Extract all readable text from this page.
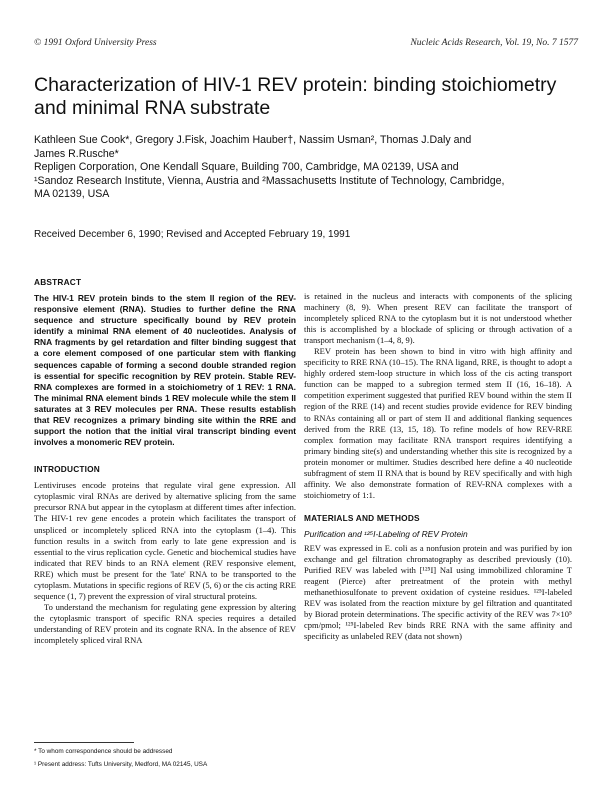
© 1991 Oxford University Press	Nucleic Acids Research, Vol. 19, No. 7 1577
Characterization of HIV-1 REV protein: binding stoichiometry and minimal RNA substrate
Kathleen Sue Cook*, Gregory J.Fisk, Joachim Hauber†, Nassim Usman², Thomas J.Daly and
James R.Rusche*
Repligen Corporation, One Kendall Square, Building 700, Cambridge, MA 02139, USA and
¹Sandoz Research Institute, Vienna, Austria and ²Massachusetts Institute of Technology, Cambridge,
MA 02139, USA
Received December 6, 1990; Revised and Accepted February 19, 1991
ABSTRACT

The HIV-1 REV protein binds to the stem II region of the REV-responsive element (RNA). Studies to further define the RNA sequence and structure specifically bound by REV protein identify a minimal RNA element of 40 nucleotides. Analysis of RNA fragments by gel retardation and filter binding suggest that a core element composed of one particular stem with flanking sequences capable of forming a second double stranded region is essential for specific recognition by REV protein. Stable REV-RNA complexes are formed in a stoichiometry of 1 REV: 1 RNA. The minimal RNA element binds 1 REV molecule while the stem II saturates at 3 REV molecules per RNA. These results establish that REV recognizes a primary binding site within the RRE and support the notion that the initial viral transcript binding event involves a monomeric REV protein.

INTRODUCTION

Lentiviruses encode proteins that regulate viral gene expression. All cytoplasmic viral RNAs are derived by alternative splicing from the same precursor RNA but appear in the cytoplasm at different times after infection. The HIV-1 rev gene encodes a protein which facilitates the transport of unspliced or incompletely spliced RNA into the cytoplasm (1–4). This function results in a switch from early to late gene expression and is essential to the virus replication cycle. Genetic and biochemical studies have indicated that REV binds to an RNA element (REV responsive element, RRE) which must be present for the 'late' RNA to be transported to the cytoplasm. Mutations in specific regions of REV (5, 6) or the cis acting RRE sequence (1, 7) prevent the expression of viral structural proteins.

To understand the mechanism for regulating gene expression by altering the cytoplasmic transport of specific RNA species requires a detailed understanding of REV protein and its cognate RNA. In the absence of REV incompletely spliced viral RNA

is retained in the nucleus and interacts with components of the splicing machinery (8, 9). When present REV can facilitate the transport of incompletely spliced RNA to the cytoplasm but it is not understood whether this is accomplished by a blockade of splicing or through activation of a transport mechanism (1–4, 8, 9).

REV protein has been shown to bind in vitro with high affinity and specificity to RRE RNA (10–15). The RNA ligand, RRE, is thought to adopt a highly ordered stem-loop structure in which loss of the cis acting transport function can be mapped to a subregion termed stem II (16, 16–18). A competition experiment suggested that purified REV bound within the stem II region of the RRE (14) and recent studies provide evidence for REV binding to RNAs containing all or part of stem II and additional flanking sequences derived from the RRE (13, 15, 18). To refine models of how REV-RRE complex formation may facilitate RNA transport requires identifying a primary binding site(s) and understanding whether this site is recognized by a protein monomer or multimer. Studies described here define a 40 nucleotide subfragment of stem II RNA that is bound by REV specifically and with high affinity. We also demonstrate formation of REV-RNA complexes with a stoichiometry of 1:1.

MATERIALS AND METHODS
Purification and ¹²⁵I-Labeling of REV Protein

REV was expressed in E. coli as a nonfusion protein and was purified by ion exchange and gel filtration chromatography as described previously (10). Purified REV was labeled with [¹²⁵I] NaI using immobilized chloramine T reagent (Pierce) after pretreatment of the protein with methyl methanethiosulfonate to prevent oxidation of cysteine residues. ¹²⁵I-labeled REV was isolated from the reaction mixture by gel filtration and quantitated by Biorad protein determinations. The specific activity of the REV was 7×10⁵ cpm/pmol; ¹²⁵I-labeled Rev binds RRE RNA with the same affinity and specificity as unlabeled REV (data not shown)

* To whom correspondence should be addressed
¹ Present address: Tufts University, Medford, MA 02145, USA
